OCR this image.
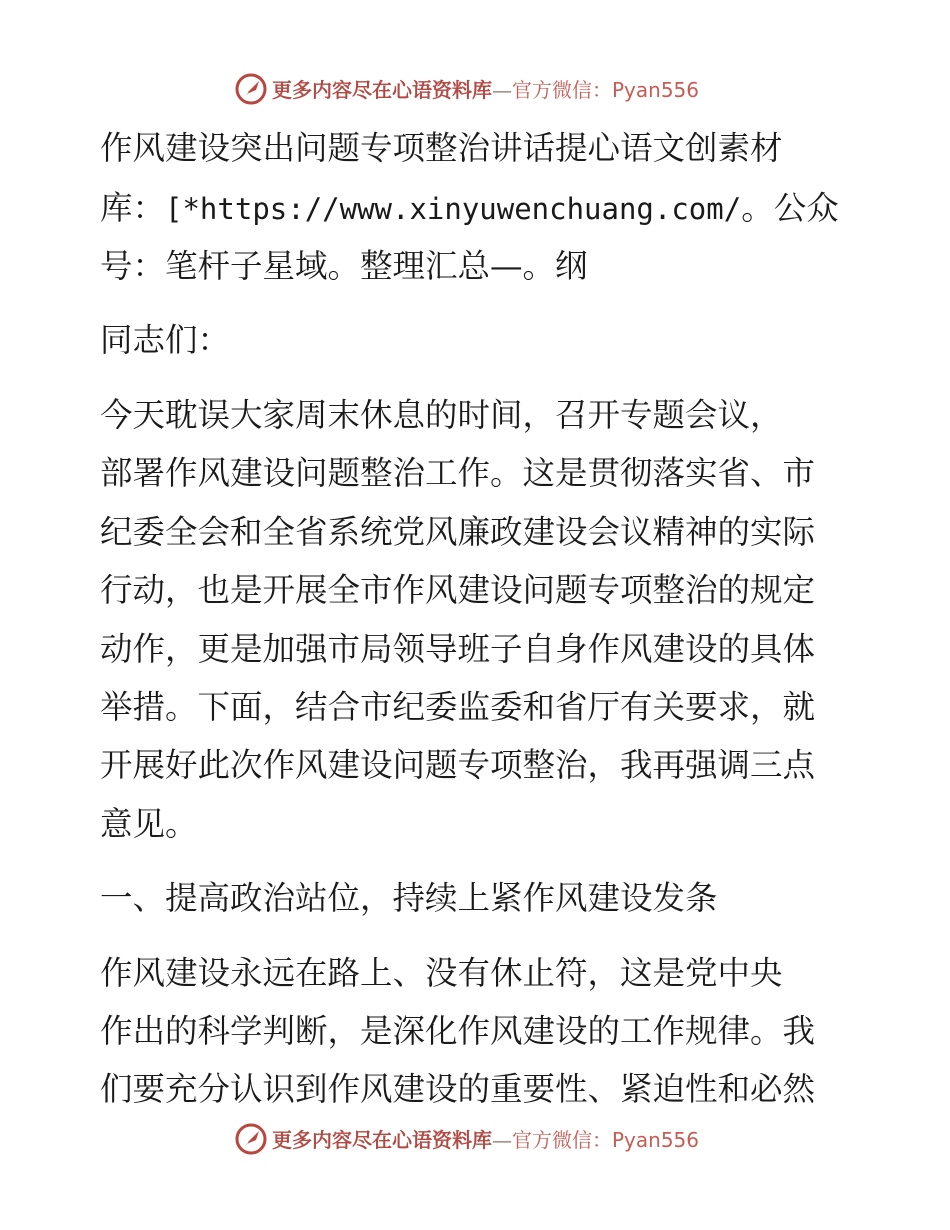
更多内容尽在心语资料库—官方微信：Pyan556
作风建设突出问题专项整治讲话提心语文创素材
库：[*https://www.xinyuwenchuang.com/。公众
号：笔杆子星域。整理汇总—。纲
同志们：
今天耽误大家周末休息的时间，召开专题会议，
部署作风建设问题整治工作。这是贯彻落实省、市
纪委全会和全省系统党风廉政建设会议精神的实际
行动，也是开展全市作风建设问题专项整治的规定
动作，更是加强市局领导班子自身作风建设的具体
举措。下面，结合市纪委监委和省厅有关要求，就
开展好此次作风建设问题专项整治，我再强调三点
意见。
一、提高政治站位，持续上紧作风建设发条
作风建设永远在路上、没有休止符，这是党中央
作出的科学判断，是深化作风建设的工作规律。我
们要充分认识到作风建设的重要性、紧迫性和必然
更多内容尽在心语资料库—官方微信：Pyan556
